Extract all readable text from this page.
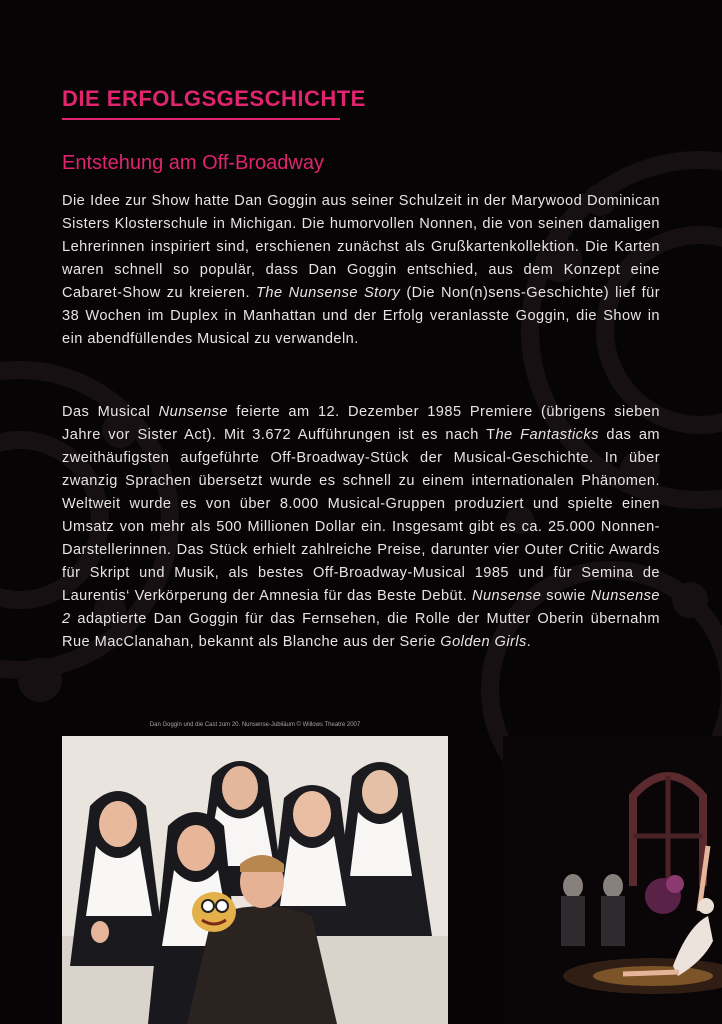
DIE ERFOLGSGESCHICHTE
Entstehung am Off-Broadway

Die Idee zur Show hatte Dan Goggin aus seiner Schulzeit in der Marywood Dominican Sisters Klosterschule in Michigan. Die humorvollen Nonnen, die von seinen damaligen Lehrerinnen inspiriert sind, erschienen zunächst als Grußkartenkollektion. Die Karten waren schnell so populär, dass Dan Goggin entschied, aus dem Konzept eine Cabaret-Show zu kreieren. The Nunsense Story (Die Non(n)sens-Geschichte) lief für 38 Wochen im Duplex in Manhattan und der Erfolg veranlasste Goggin, die Show in ein abendfüllendes Musical zu verwandeln.

Das Musical Nunsense feierte am 12. Dezember 1985 Premiere (übrigens sieben Jahre vor Sister Act). Mit 3.672 Aufführungen ist es nach The Fantasticks das am zweithäufigsten aufgeführte Off-Broadway-Stück der Musical-Geschichte. In über zwanzig Sprachen übersetzt wurde es schnell zu einem internationalen Phänomen. Weltweit wurde es von über 8.000 Musical-Gruppen produziert und spielte einen Umsatz von mehr als 500 Millionen Dollar ein. Insgesamt gibt es ca. 25.000 Nonnen-Darstellerinnen. Das Stück erhielt zahlreiche Preise, darunter vier Outer Critic Awards für Skript und Musik, als bestes Off-Broadway-Musical 1985 und für Semina de Laurentis‘ Verkörperung der Amnesia für das Beste Debüt. Nunsense sowie Nunsense 2 adaptierte Dan Goggin für das Fernsehen, die Rolle der Mutter Oberin übernahm Rue MacClanahan, bekannt als Blanche aus der Serie Golden Girls.

Dan Goggin und die Cast zum 20. Nunsense-Jubiläum © Willows Theatre 2007
